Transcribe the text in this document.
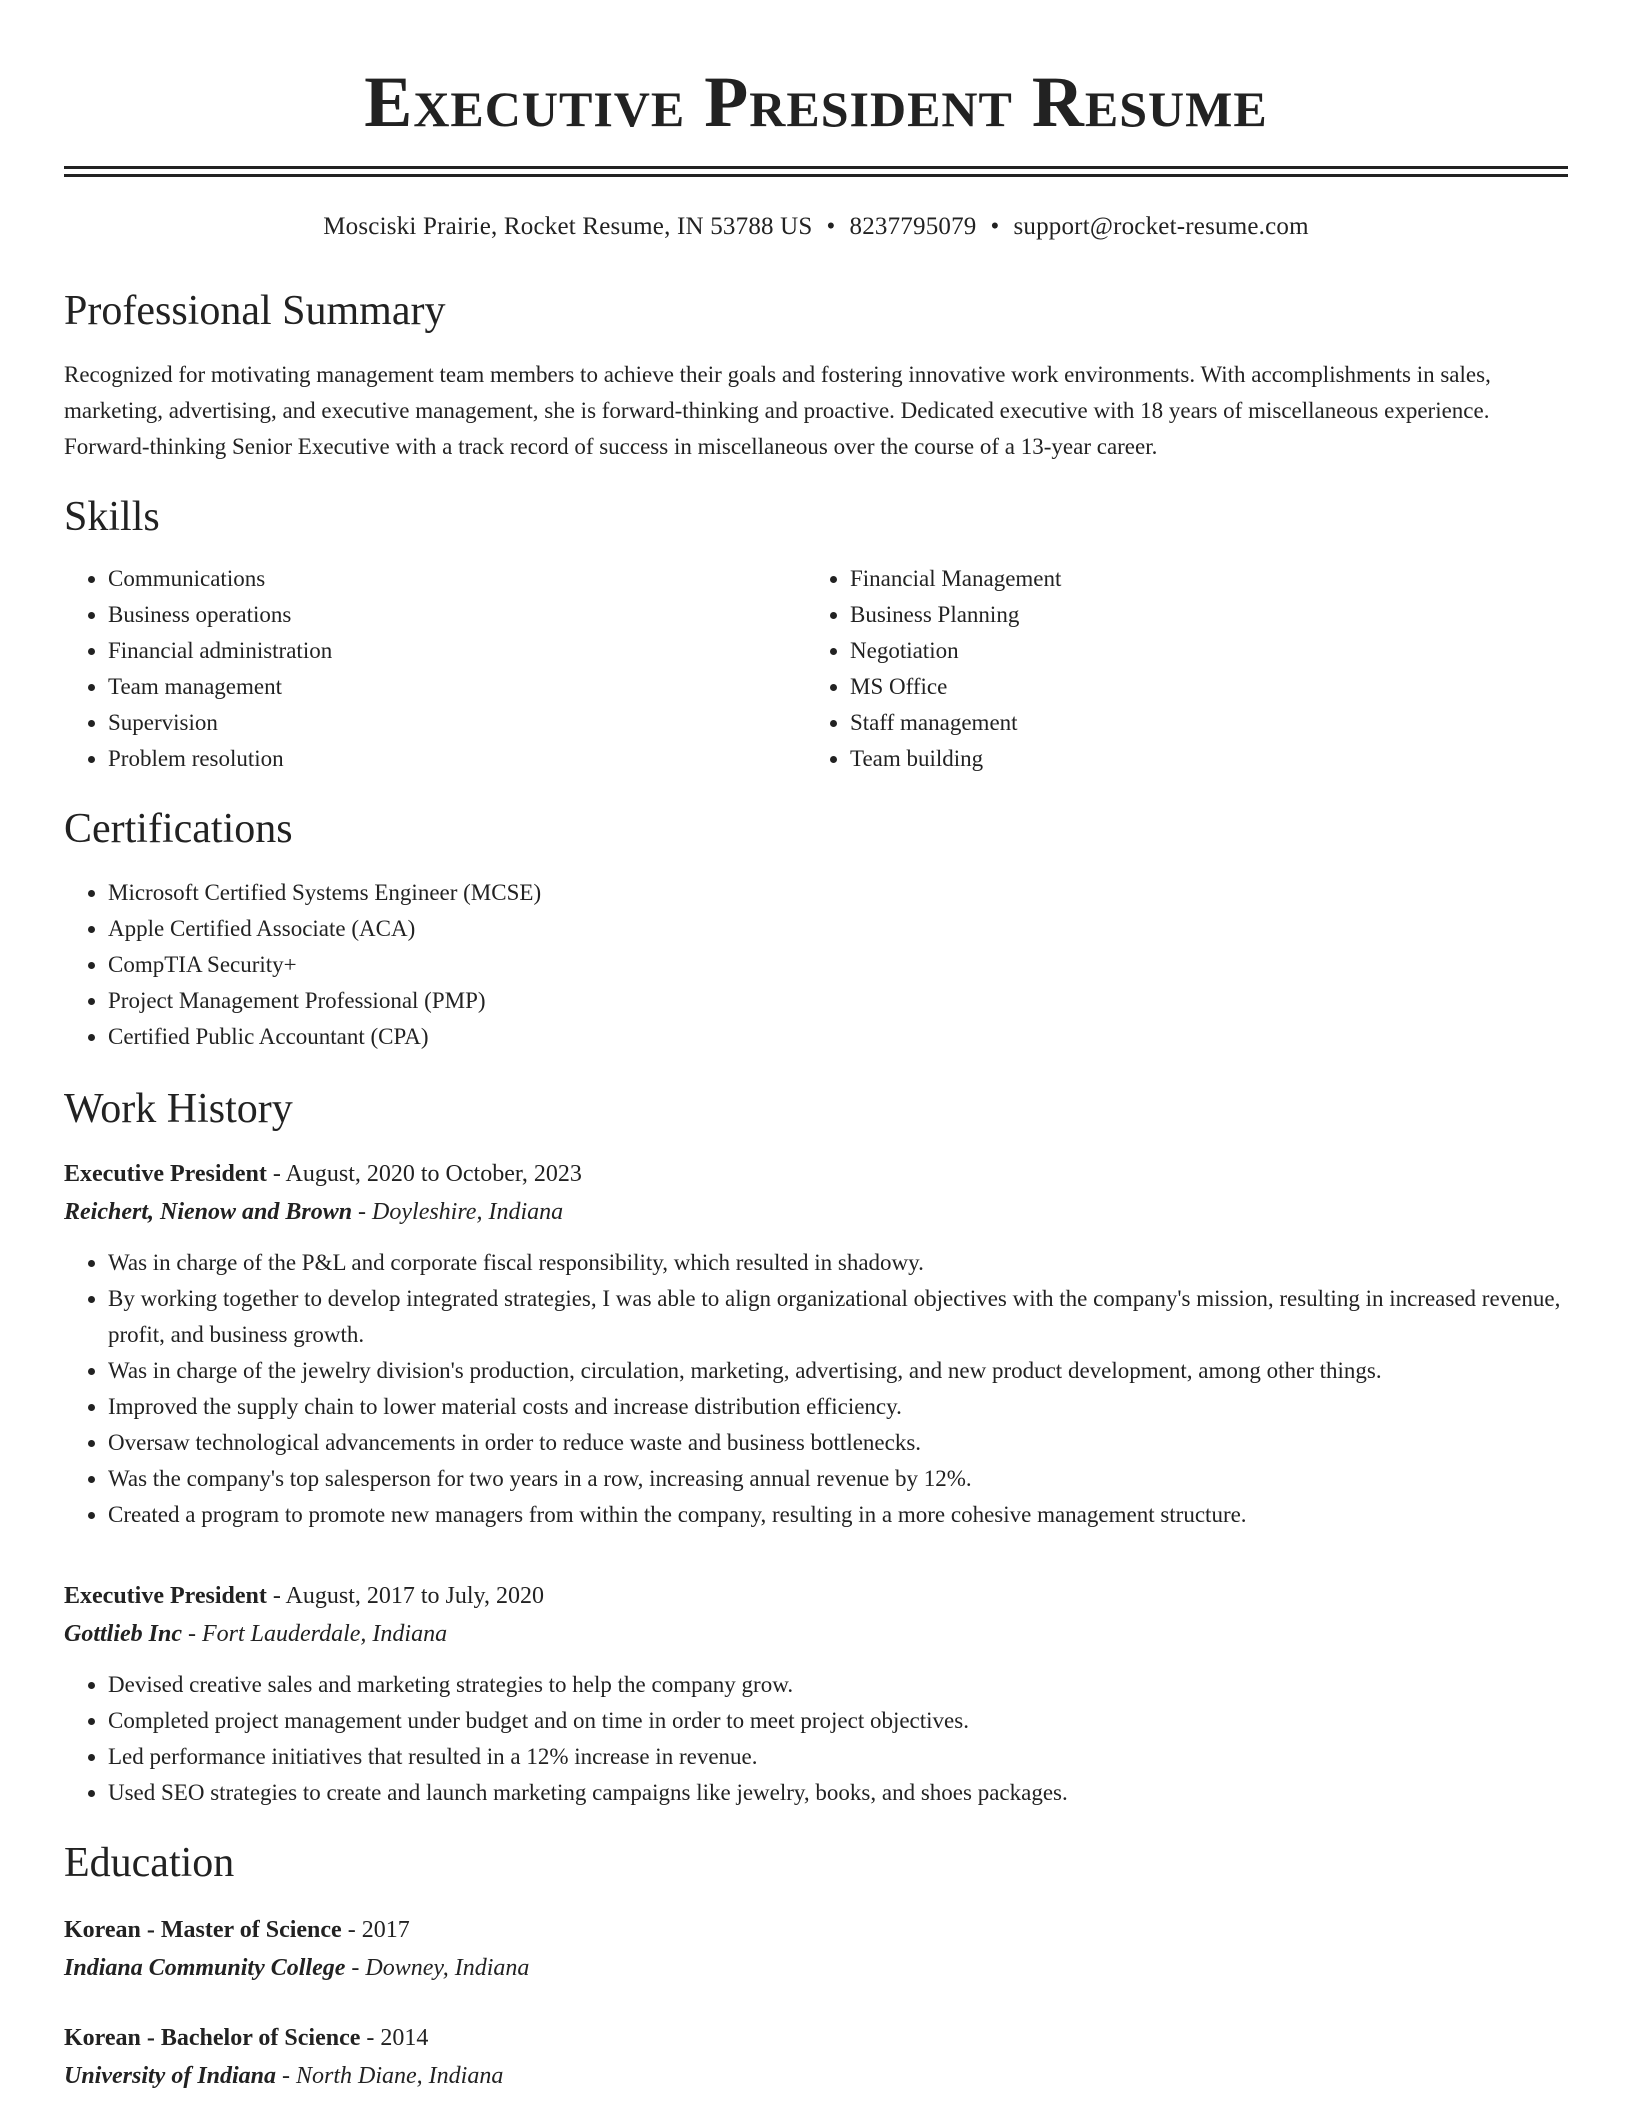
Executive President Resume
Mosciski Prairie, Rocket Resume, IN 53788 US • 8237795079 • support@rocket-resume.com
Professional Summary

Recognized for motivating management team members to achieve their goals and fostering innovative work environments. With accomplishments in sales, marketing, advertising, and executive management, she is forward-thinking and proactive. Dedicated executive with 18 years of miscellaneous experience. Forward-thinking Senior Executive with a track record of success in miscellaneous over the course of a 13-year career.

Skills
• Communications
• Business operations
• Financial administration
• Team management
• Supervision
• Problem resolution
• Financial Management
• Business Planning
• Negotiation
• MS Office
• Staff management
• Team building
Certifications
• Microsoft Certified Systems Engineer (MCSE)
• Apple Certified Associate (ACA)
• CompTIA Security+
• Project Management Professional (PMP)
• Certified Public Accountant (CPA)
Work History
Executive President - August, 2020 to October, 2023
Reichert, Nienow and Brown - Doyleshire, Indiana
• Was in charge of the P&L and corporate fiscal responsibility, which resulted in shadowy.
• By working together to develop integrated strategies, I was able to align organizational objectives with the company's mission, resulting in increased revenue, profit, and business growth.
• Was in charge of the jewelry division's production, circulation, marketing, advertising, and new product development, among other things.
• Improved the supply chain to lower material costs and increase distribution efficiency.
• Oversaw technological advancements in order to reduce waste and business bottlenecks.
• Was the company's top salesperson for two years in a row, increasing annual revenue by 12%.
• Created a program to promote new managers from within the company, resulting in a more cohesive management structure.
Executive President - August, 2017 to July, 2020
Gottlieb Inc - Fort Lauderdale, Indiana
• Devised creative sales and marketing strategies to help the company grow.
• Completed project management under budget and on time in order to meet project objectives.
• Led performance initiatives that resulted in a 12% increase in revenue.
• Used SEO strategies to create and launch marketing campaigns like jewelry, books, and shoes packages.
Education
Korean - Master of Science - 2017
Indiana Community College - Downey, Indiana
Korean - Bachelor of Science - 2014
University of Indiana - North Diane, Indiana
